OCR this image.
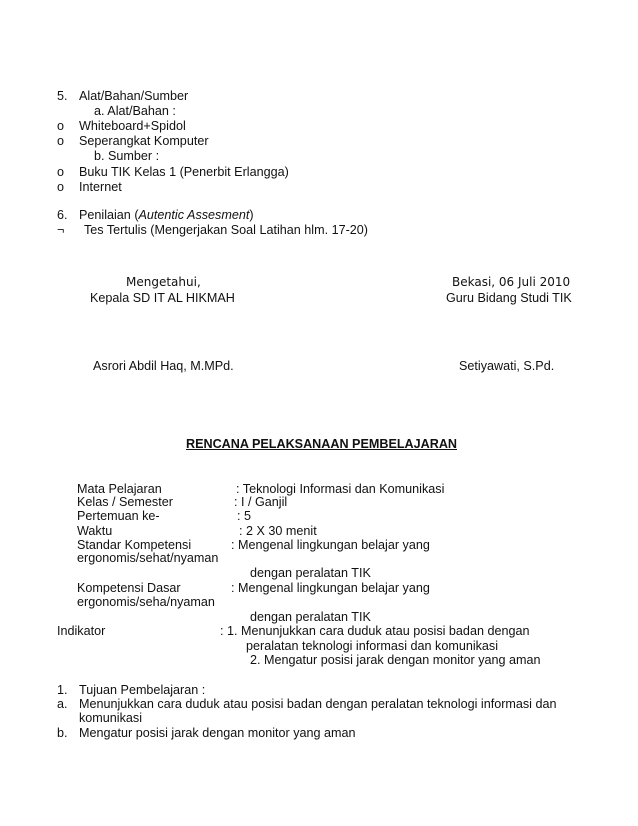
5. Alat/Bahan/Sumber
a. Alat/Bahan :
o Whiteboard+Spidol
o Seperangkat Komputer
b. Sumber :
o Buku TIK Kelas 1 (Penerbit Erlangga)
o Internet
6. Penilaian (Autentic Assesment)
¬ Tes Tertulis (Mengerjakan Soal Latihan hlm. 17-20)
Mengetahui,
Kepala SD IT AL HIKMAH
Bekasi, 06 Juli 2010
Guru Bidang Studi TIK
Asrori Abdil Haq, M.MPd.	Setiyawati, S.Pd.
RENCANA PELAKSANAAN PEMBELAJARAN
Mata Pelajaran	: Teknologi Informasi dan Komunikasi
Kelas / Semester	: I / Ganjil
Pertemuan ke-	: 5
Waktu	: 2 X 30 menit
Standar Kompetensi	: Mengenal lingkungan belajar yang
ergonomis/sehat/nyaman
dengan peralatan TIK
Kompetensi Dasar	: Mengenal lingkungan belajar yang
ergonomis/seha/nyaman
dengan peralatan TIK
Indikator	: 1. Menunjukkan cara duduk atau posisi badan dengan
peralatan teknologi informasi dan komunikasi
2. Mengatur posisi jarak dengan monitor yang aman
1. Tujuan Pembelajaran :
a. Menunjukkan cara duduk atau posisi badan dengan peralatan teknologi informasi dan
komunikasi
b. Mengatur posisi jarak dengan monitor yang aman
